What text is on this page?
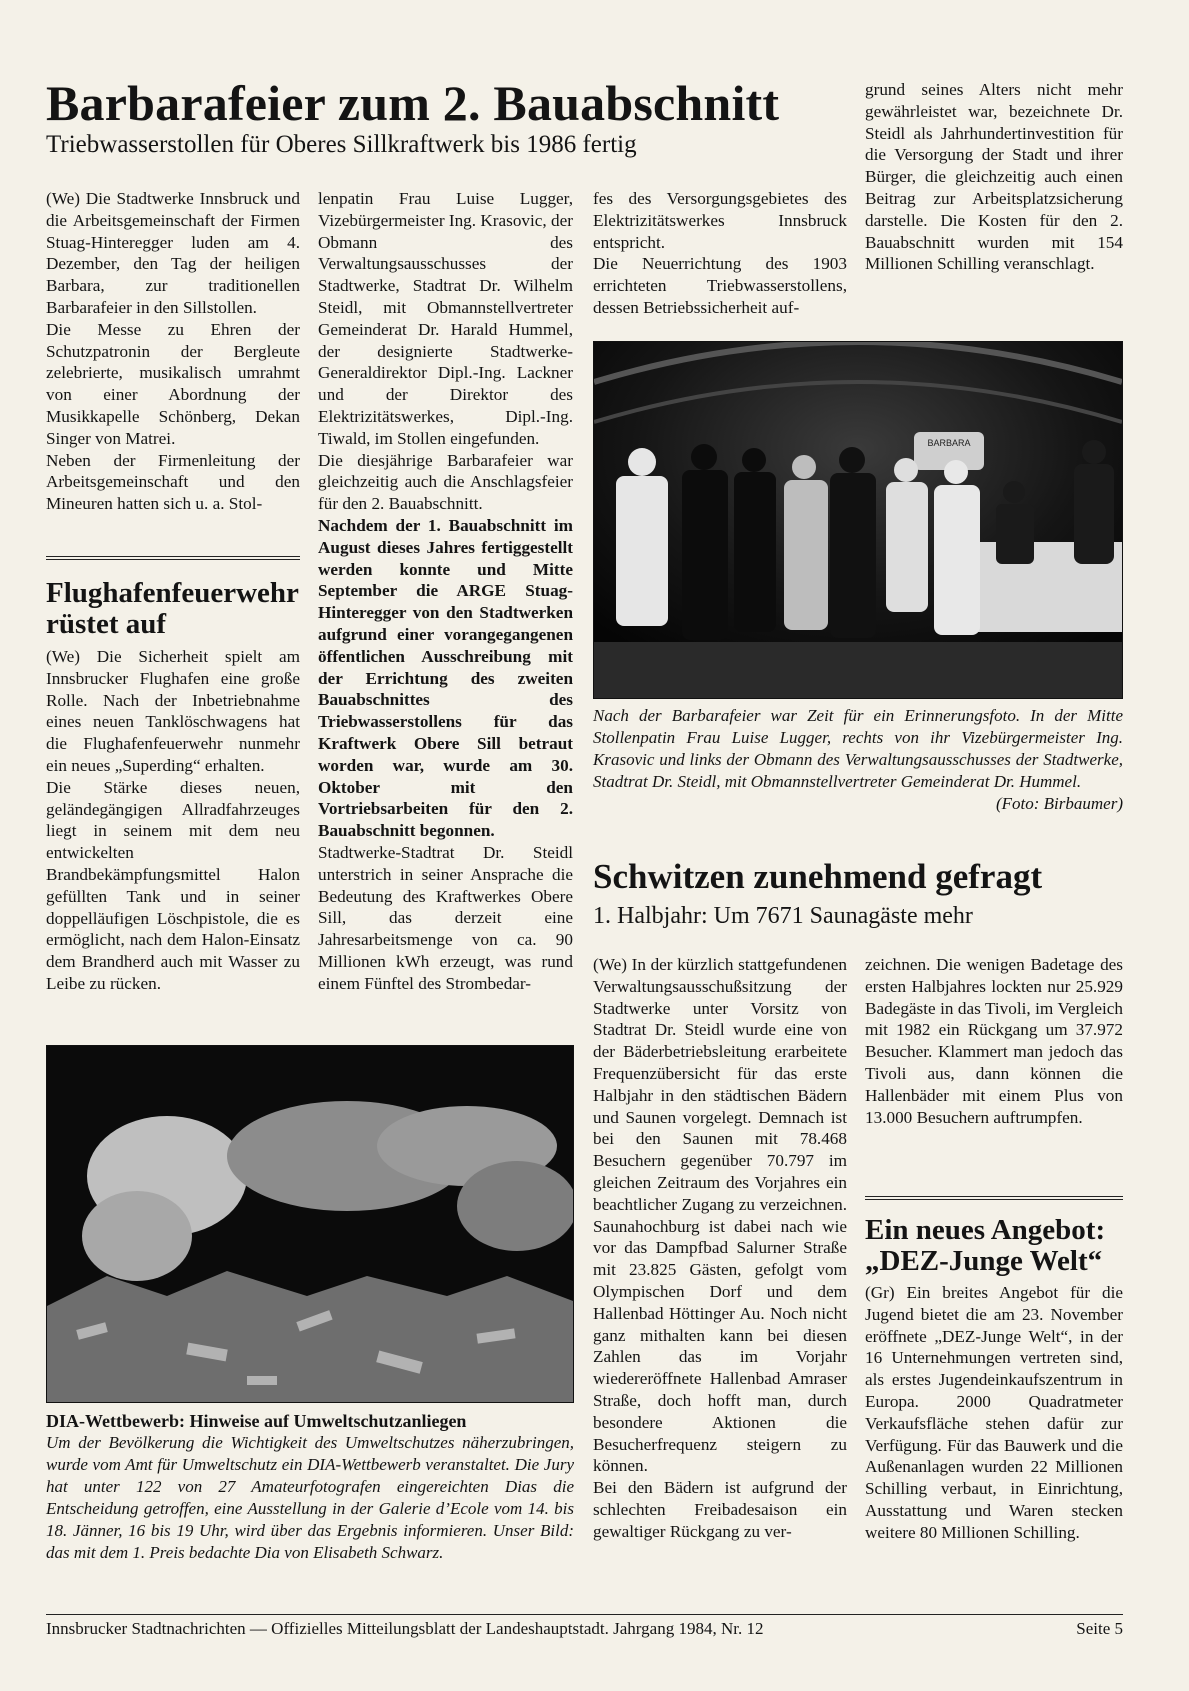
Barbarafeier zum 2. Bauabschnitt
Triebwasserstollen für Oberes Sillkraftwerk bis 1986 fertig
(We) Die Stadtwerke Innsbruck und die Arbeitsgemeinschaft der Firmen Stuag-Hinteregger luden am 4. Dezember, den Tag der heiligen Barbara, zur traditionellen Barbarafeier in den Sillstollen.
Die Messe zu Ehren der Schutzpatronin der Bergleute zelebrierte, musikalisch umrahmt von einer Abordnung der Musikkapelle Schönberg, Dekan Singer von Matrei.
Neben der Firmenleitung der Arbeitsgemeinschaft und den Mineuren hatten sich u. a. Stol-

lenpatin Frau Luise Lugger, Vizebürgermeister Ing. Krasovic, der Obmann des Verwaltungsausschusses der Stadtwerke, Stadtrat Dr. Wilhelm Steidl, mit Obmannstellvertreter Gemeinderat Dr. Harald Hummel, der designierte Stadtwerke-Generaldirektor Dipl.-Ing. Lackner und der Direktor des Elektrizitätswerkes, Dipl.-Ing. Tiwald, im Stollen eingefunden.
Die diesjährige Barbarafeier war gleichzeitig auch die Anschlagsfeier für den 2. Bauabschnitt.

Nachdem der 1. Bauabschnitt im August dieses Jahres fertiggestellt werden konnte und Mitte September die ARGE Stuag-Hinteregger von den Stadtwerken aufgrund einer vorangegangenen öffentlichen Ausschreibung mit der Errichtung des zweiten Bauabschnittes des Triebwasserstollens für das Kraftwerk Obere Sill betraut worden war, wurde am 30. Oktober mit den Vortriebsarbeiten für den 2. Bauabschnitt begonnen.

Stadtwerke-Stadtrat Dr. Steidl unterstrich in seiner Ansprache die Bedeutung des Kraftwerkes Obere Sill, das derzeit eine Jahresarbeitsmenge von ca. 90 Millionen kWh erzeugt, was rund einem Fünftel des Strombedar-

fes des Versorgungsgebietes des Elektrizitätswerkes Innsbruck entspricht.
Die Neuerrichtung des 1903 errichteten Triebwasserstollens, dessen Betriebssicherheit auf-
grund seines Alters nicht mehr gewährleistet war, bezeichnete Dr. Steidl als Jahrhundertinvestition für die Versorgung der Stadt und ihrer Bürger, die gleichzeitig auch einen Beitrag zur Arbeitsplatzsicherung darstelle. Die Kosten für den 2. Bauabschnitt wurden mit 154 Millionen Schilling veranschlagt.
BARBARA
Nach der Barbarafeier war Zeit für ein Erinnerungsfoto. In der Mitte Stollenpatin Frau Luise Lugger, rechts von ihr Vizebürgermeister Ing. Krasovic und links der Obmann des Verwaltungsausschusses der Stadtwerke, Stadtrat Dr. Steidl, mit Obmannstellvertreter Gemeinderat Dr. Hummel.
(Foto: Birbaumer)
Flughafenfeuerwehr rüstet auf
(We) Die Sicherheit spielt am Innsbrucker Flughafen eine große Rolle. Nach der Inbetriebnahme eines neuen Tanklöschwagens hat die Flughafenfeuerwehr nunmehr ein neues „Superding“ erhalten.
Die Stärke dieses neuen, geländegängigen Allradfahrzeuges liegt in seinem mit dem neu entwickelten Brandbekämpfungsmittel Halon gefüllten Tank und in seiner doppelläufigen Löschpistole, die es ermöglicht, nach dem Halon-Einsatz dem Brandherd auch mit Wasser zu Leibe zu rücken.
DIA-Wettbewerb: Hinweise auf Umweltschutzanliegen
Um der Bevölkerung die Wichtigkeit des Umweltschutzes näherzubringen, wurde vom Amt für Umweltschutz ein DIA-Wettbewerb veranstaltet. Die Jury hat unter 122 von 27 Amateurfotografen eingereichten Dias die Entscheidung getroffen, eine Ausstellung in der Galerie d’Ecole vom 14. bis 18. Jänner, 16 bis 19 Uhr, wird über das Ergebnis informieren. Unser Bild: das mit dem 1. Preis bedachte Dia von Elisabeth Schwarz.
Schwitzen zunehmend gefragt
1. Halbjahr: Um 7671 Saunagäste mehr
(We) In der kürzlich stattgefundenen Verwaltungsausschußsitzung der Stadtwerke unter Vorsitz von Stadtrat Dr. Steidl wurde eine von der Bäderbetriebsleitung erarbeitete Frequenzübersicht für das erste Halbjahr in den städtischen Bädern und Saunen vorgelegt. Demnach ist bei den Saunen mit 78.468 Besuchern gegenüber 70.797 im gleichen Zeitraum des Vorjahres ein beachtlicher Zugang zu verzeichnen. Saunahochburg ist dabei nach wie vor das Dampfbad Salurner Straße mit 23.825 Gästen, gefolgt vom Olympischen Dorf und dem Hallenbad Höttinger Au. Noch nicht ganz mithalten kann bei diesen Zahlen das im Vorjahr wiedereröffnete Hallenbad Amraser Straße, doch hofft man, durch besondere Aktionen die Besucherfrequenz steigern zu können.
Bei den Bädern ist aufgrund der schlechten Freibadesaison ein gewaltiger Rückgang zu ver-
zeichnen. Die wenigen Badetage des ersten Halbjahres lockten nur 25.929 Badegäste in das Tivoli, im Vergleich mit 1982 ein Rückgang um 37.972 Besucher. Klammert man jedoch das Tivoli aus, dann können die Hallenbäder mit einem Plus von 13.000 Besuchern auftrumpfen.
Ein neues Angebot: „DEZ-Junge Welt“
(Gr) Ein breites Angebot für die Jugend bietet die am 23. November eröffnete „DEZ-Junge Welt“, in der 16 Unternehmungen vertreten sind, als erstes Jugendeinkaufszentrum in Europa. 2000 Quadratmeter Verkaufsfläche stehen dafür zur Verfügung. Für das Bauwerk und die Außenanlagen wurden 22 Millionen Schilling verbaut, in Einrichtung, Ausstattung und Waren stecken weitere 80 Millionen Schilling.
Innsbrucker Stadtnachrichten — Offizielles Mitteilungsblatt der Landeshauptstadt. Jahrgang 1984, Nr. 12	Seite 5
